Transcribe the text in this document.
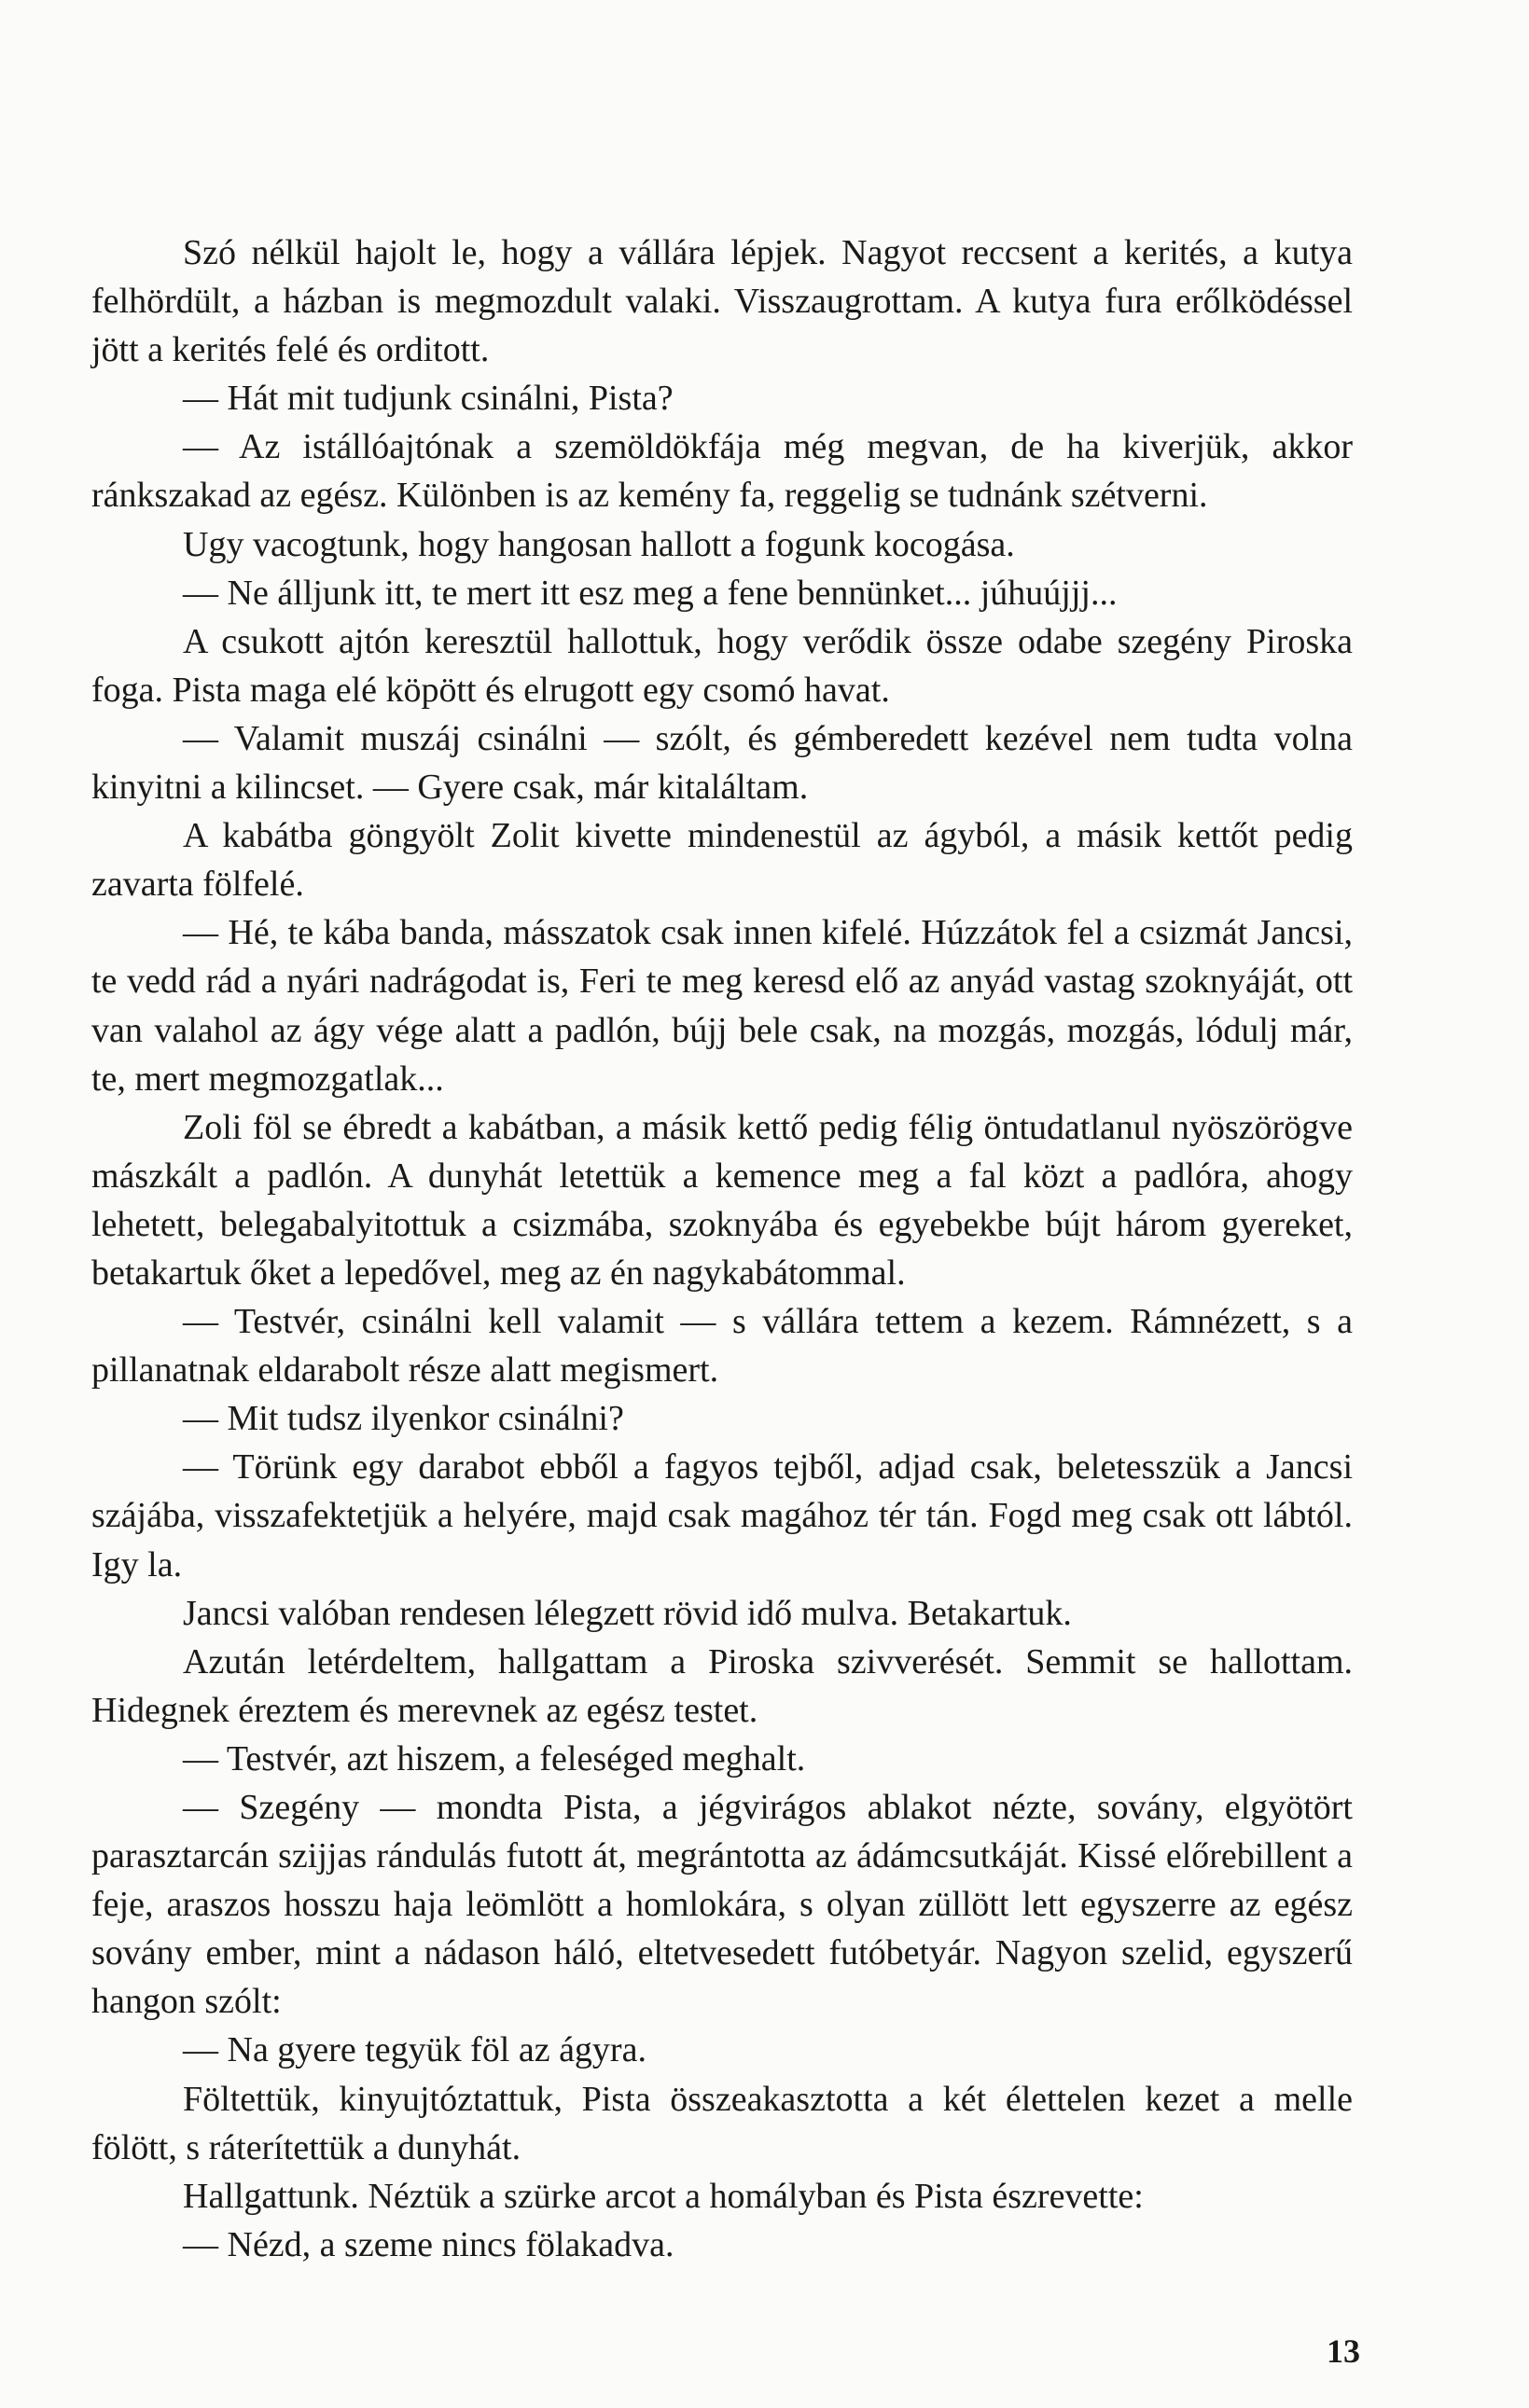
Szó nélkül hajolt le, hogy a vállára lépjek. Nagyot reccsent a kerités, a kutya felhördült, a házban is megmozdult valaki. Visszaugrottam. A kutya fura erőlködéssel jött a kerités felé és orditott.

— Hát mit tudjunk csinálni, Pista?

— Az istállóajtónak a szemöldökfája még megvan, de ha kiverjük, akkor ránkszakad az egész. Különben is az kemény fa, reggelig se tudnánk szétverni.

Ugy vacogtunk, hogy hangosan hallott a fogunk kocogása.

— Ne álljunk itt, te mert itt esz meg a fene bennünket... júhuújjj...

A csukott ajtón keresztül hallottuk, hogy verődik össze odabe szegény Piroska foga. Pista maga elé köpött és elrugott egy csomó havat.

— Valamit muszáj csinálni — szólt, és gémberedett kezével nem tudta volna kinyitni a kilincset. — Gyere csak, már kitaláltam.

A kabátba göngyölt Zolit kivette mindenestül az ágyból, a másik kettőt pedig zavarta fölfelé.

— Hé, te kába banda, másszatok csak innen kifelé. Húzzátok fel a csizmát Jancsi, te vedd rád a nyári nadrágodat is, Feri te meg keresd elő az anyád vastag szoknyáját, ott van valahol az ágy vége alatt a padlón, bújj bele csak, na mozgás, mozgás, lódulj már, te, mert megmozgatlak...

Zoli föl se ébredt a kabátban, a másik kettő pedig félig öntudatlanul nyöszörögve mászkált a padlón. A dunyhát letettük a kemence meg a fal közt a padlóra, ahogy lehetett, belegabalyitottuk a csizmába, szoknyába és egyebekbe bújt három gyereket, betakartuk őket a lepedővel, meg az én nagykabátommal.

— Testvér, csinálni kell valamit — s vállára tettem a kezem. Rámnézett, s a pillanatnak eldarabolt része alatt megismert.

— Mit tudsz ilyenkor csinálni?

— Törünk egy darabot ebből a fagyos tejből, adjad csak, beletesszük a Jancsi szájába, visszafektetjük a helyére, majd csak magához tér tán. Fogd meg csak ott lábtól. Igy la.

Jancsi valóban rendesen lélegzett rövid idő mulva. Betakartuk.

Azután letérdeltem, hallgattam a Piroska szivverését. Semmit se hallottam. Hidegnek éreztem és merevnek az egész testet.

— Testvér, azt hiszem, a feleséged meghalt.

— Szegény — mondta Pista, a jégvirágos ablakot nézte, sovány, elgyötört parasztarcán szijjas rándulás futott át, megrántotta az ádámcsutkáját. Kissé előrebillent a feje, araszos hosszu haja leömlött a homlokára, s olyan züllött lett egyszerre az egész sovány ember, mint a nádason háló, eltetvesedett futóbetyár. Nagyon szelid, egyszerű hangon szólt:

— Na gyere tegyük föl az ágyra.

Föltettük, kinyujtóztattuk, Pista összeakasztotta a két élettelen kezet a melle fölött, s ráterítettük a dunyhát.

Hallgattunk. Néztük a szürke arcot a homályban és Pista észrevette:

— Nézd, a szeme nincs fölakadva.

13
